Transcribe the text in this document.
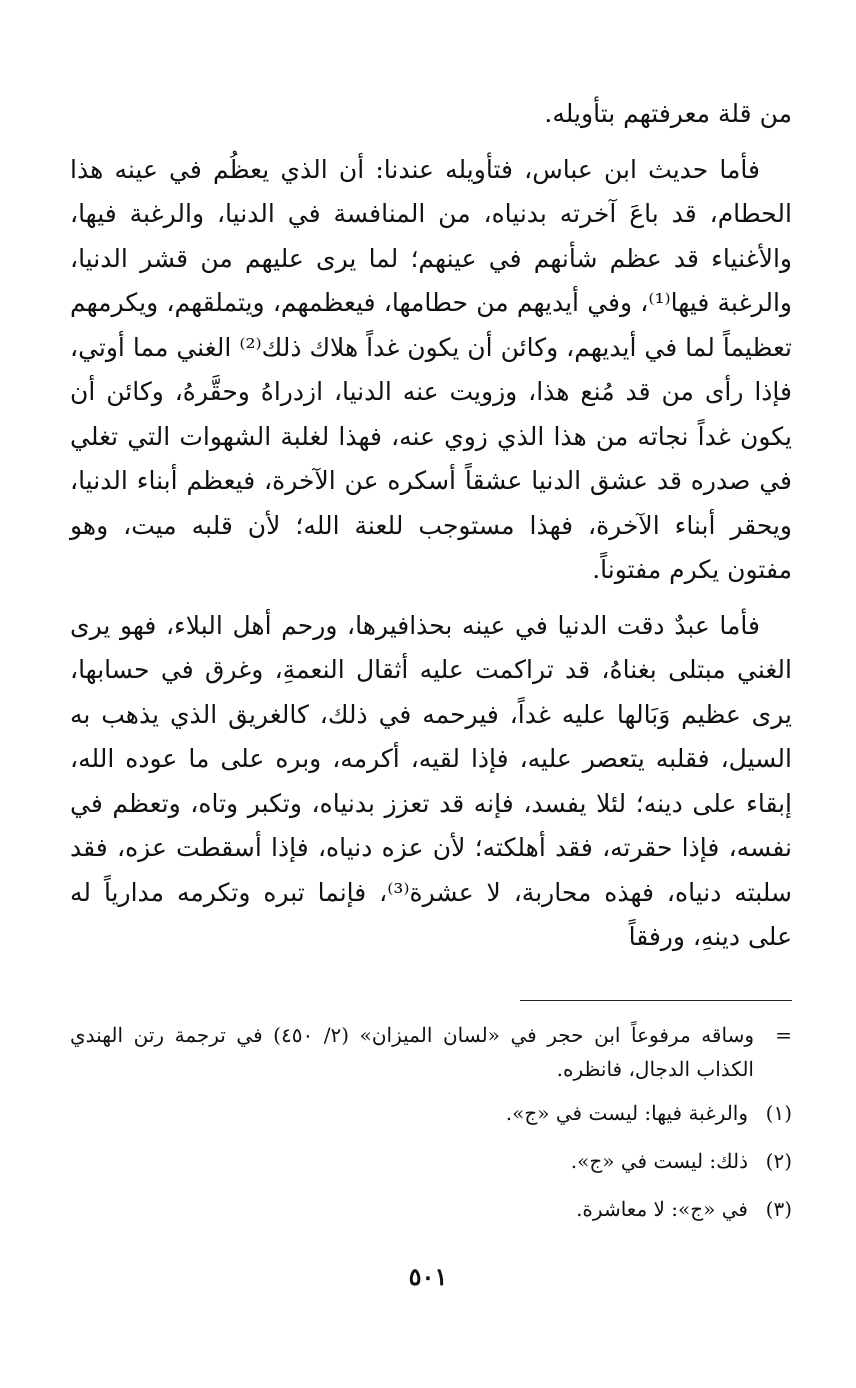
من قلة معرفتهم بتأويله.

فأما حديث ابن عباس، فتأويله عندنا: أن الذي يعظُم في عينه هذا الحطام، قد باعَ آخرته بدنياه، من المنافسة في الدنيا، والرغبة فيها، والأغنياء قد عظم شأنهم في عينهم؛ لما يرى عليهم من قشر الدنيا، والرغبة فيها⁽¹⁾، وفي أيديهم من حطامها، فيعظمهم، ويتملقهم، ويكرمهم تعظيماً لما في أيديهم، وكائن أن يكون غداً هلاك ذلك⁽²⁾ الغني مما أوتي، فإذا رأى من قد مُنع هذا، وزويت عنه الدنيا، ازدراهُ وحقَّرهُ، وكائن أن يكون غداً نجاته من هذا الذي زوي عنه، فهذا لغلبة الشهوات التي تغلي في صدره قد عشق الدنيا عشقاً أسكره عن الآخرة، فيعظم أبناء الدنيا، ويحقر أبناء الآخرة، فهذا مستوجب للعنة الله؛ لأن قلبه ميت، وهو مفتون يكرم مفتوناً.

فأما عبدٌ دقت الدنيا في عينه بحذافيرها، ورحم أهل البلاء، فهو يرى الغني مبتلى بغناهُ، قد تراكمت عليه أثقال النعمةِ، وغرق في حسابها، يرى عظيم وَبَالها عليه غداً، فيرحمه في ذلك، كالغريق الذي يذهب به السيل، فقلبه يتعصر عليه، فإذا لقيه، أكرمه، وبره على ما عوده الله، إبقاء على دينه؛ لئلا يفسد، فإنه قد تعزز بدنياه، وتكبر وتاه، وتعظم في نفسه، فإذا حقرته، فقد أهلكته؛ لأن عزه دنياه، فإذا أسقطت عزه، فقد سلبته دنياه، فهذه محاربة، لا عشرة⁽³⁾، فإنما تبره وتكرمه مدارياً له على دينهِ، ورفقاً

=
وساقه مرفوعاً ابن حجر في «لسان الميزان» (٢/ ٤٥٠) في ترجمة رتن الهندي الكذاب الدجال، فانظره.
(١)
والرغبة فيها: ليست في «ج».
(٢)
ذلك: ليست في «ج».
(٣)
في «ج»: لا معاشرة.
٥٠١
